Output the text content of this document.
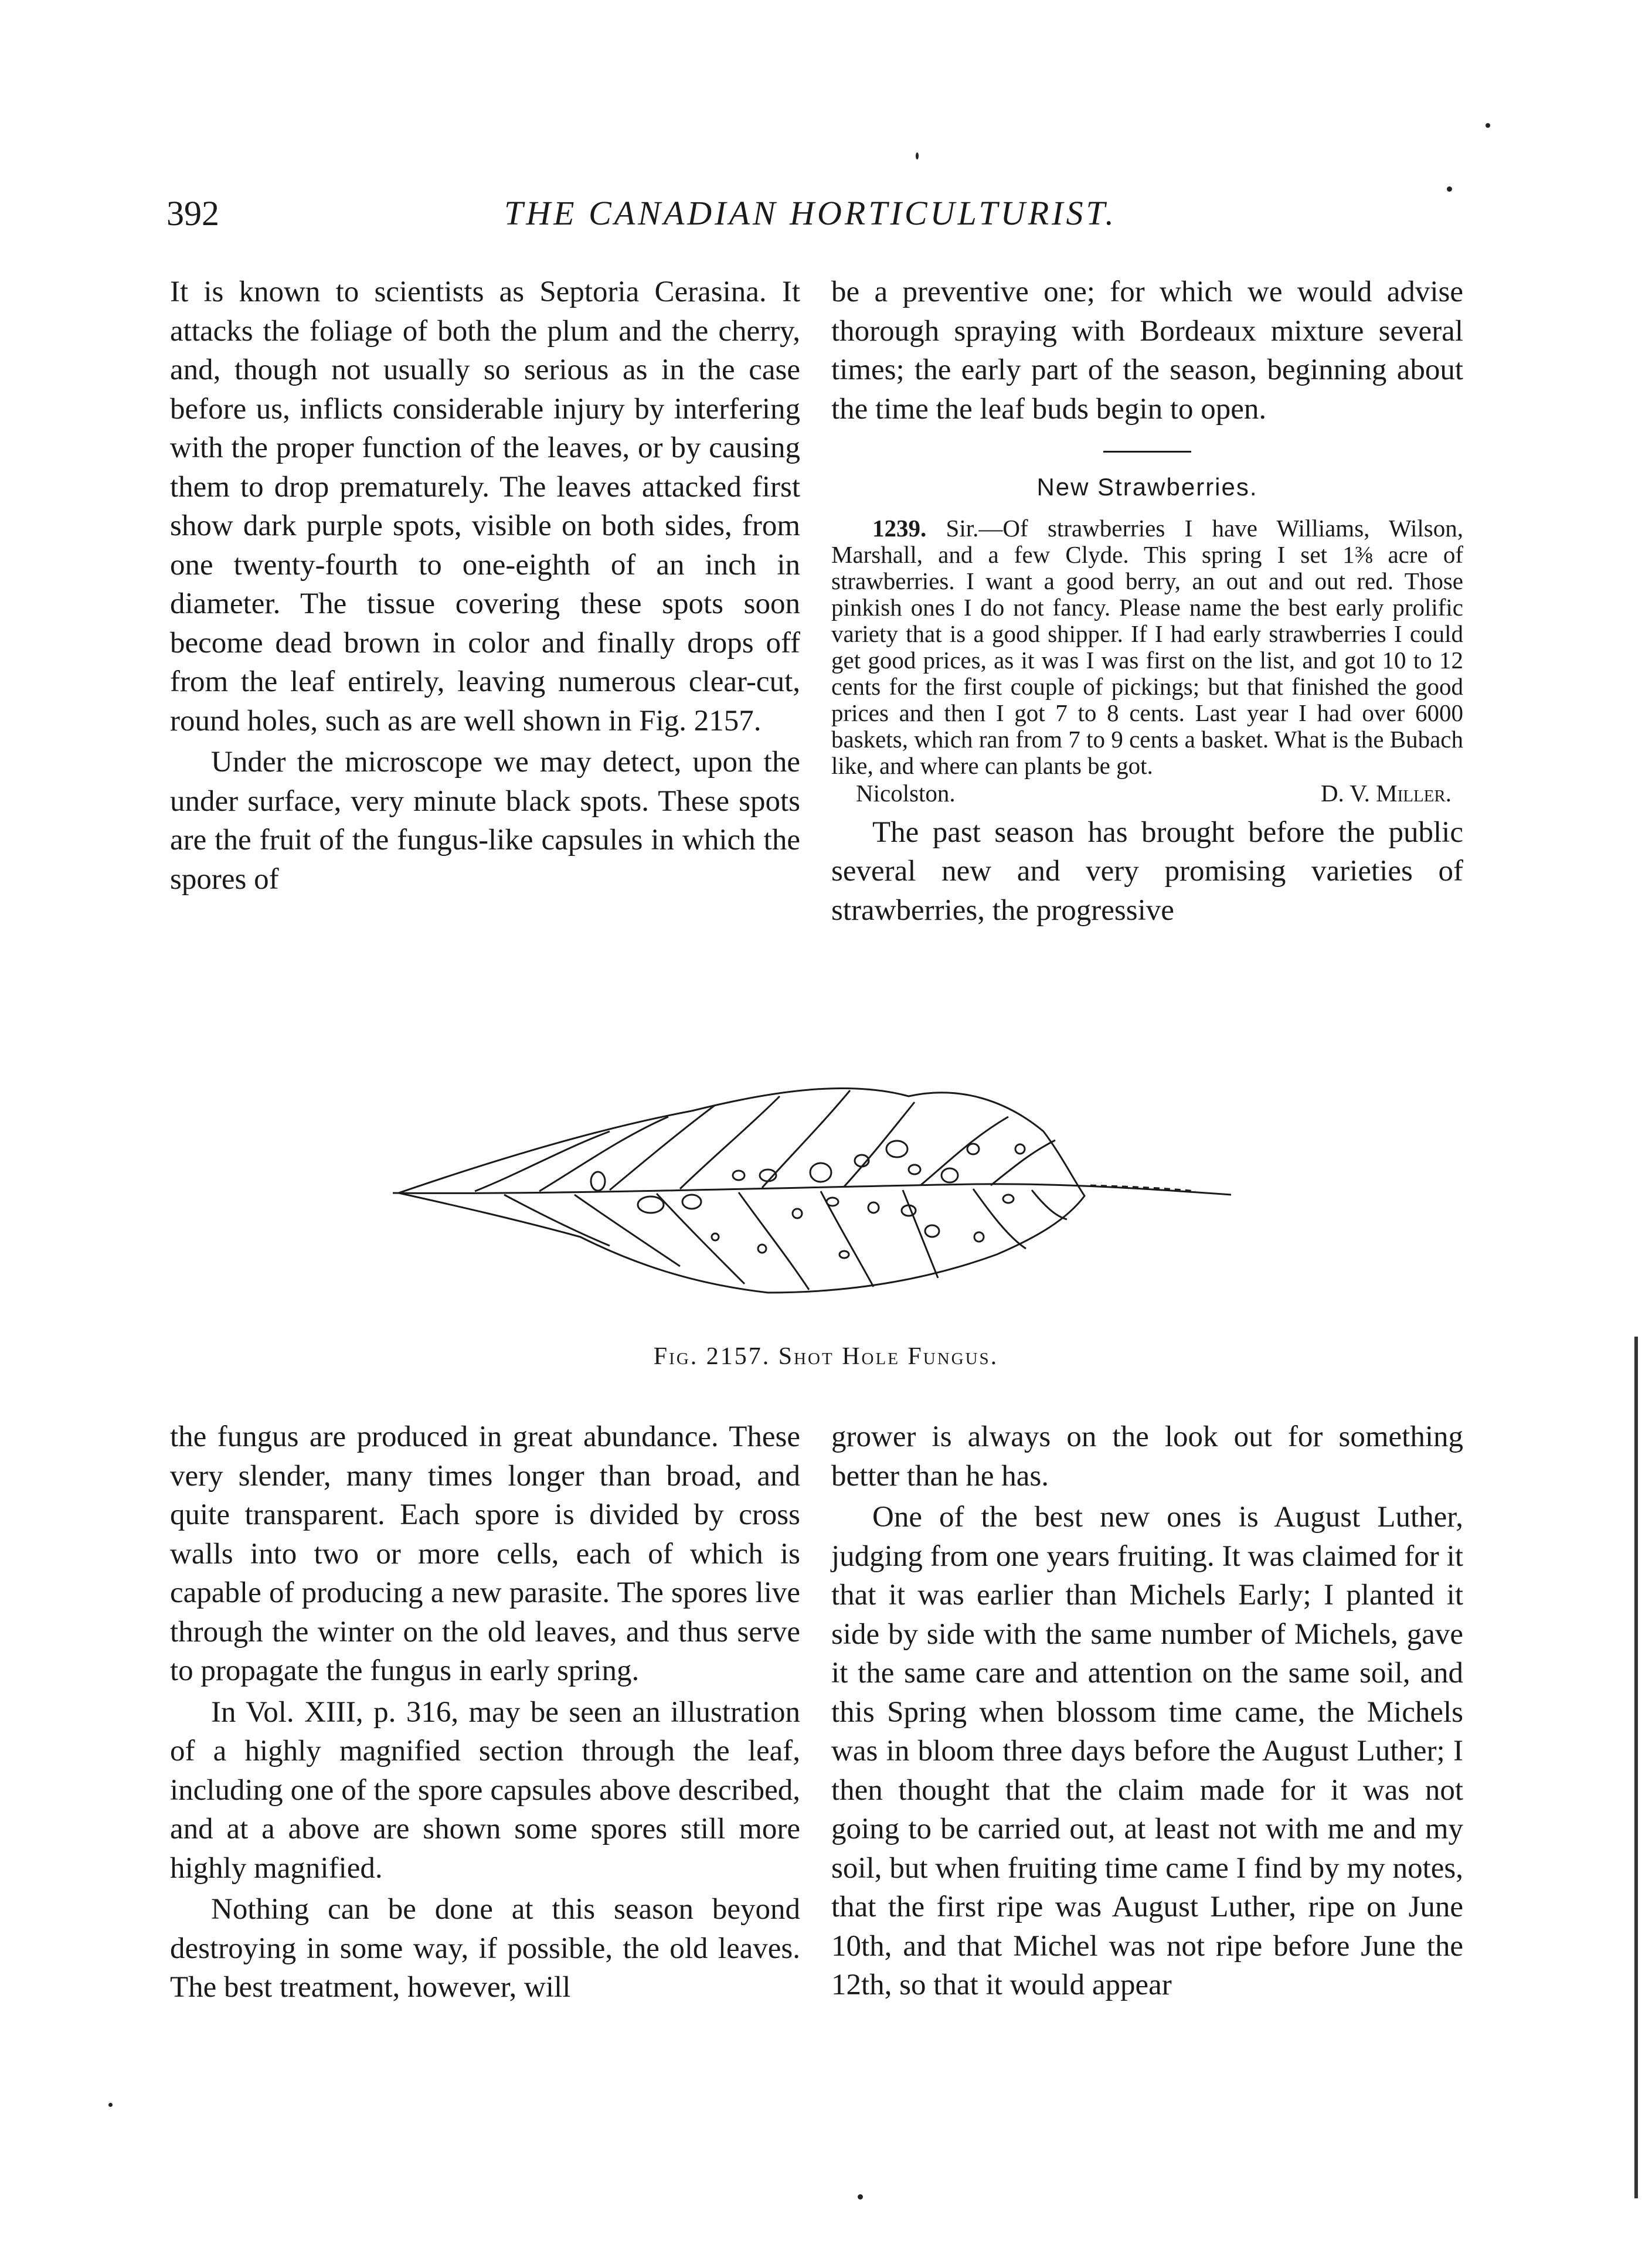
392	THE CANADIAN HORTICULTURIST.

It is known to scientists as Septoria Cerasina. It attacks the foliage of both the plum and the cherry, and, though not usually so serious as in the case before us, inflicts considerable injury by interfering with the proper function of the leaves, or by causing them to drop prematurely. The leaves attacked first show dark purple spots, visible on both sides, from one twenty-fourth to one-eighth of an inch in diameter. The tissue covering these spots soon become dead brown in color and finally drops off from the leaf entirely, leaving numerous clear-cut, round holes, such as are well shown in Fig. 2157.

Under the microscope we may detect, upon the under surface, very minute black spots. These spots are the fruit of the fungus-like capsules in which the spores of

be a preventive one; for which we would advise thorough spraying with Bordeaux mixture several times; the early part of the season, beginning about the time the leaf buds begin to open.

New Strawberries.

1239. Sir.—Of strawberries I have Williams, Wilson, Marshall, and a few Clyde. This spring I set 1⅜ acre of strawberries. I want a good berry, an out and out red. Those pinkish ones I do not fancy. Please name the best early prolific variety that is a good shipper. If I had early strawberries I could get good prices, as it was I was first on the list, and got 10 to 12 cents for the first couple of pickings; but that finished the good prices and then I got 7 to 8 cents. Last year I had over 6000 baskets, which ran from 7 to 9 cents a basket. What is the Bubach like, and where can plants be got.

Nicolston.	D. V. Miller.

The past season has brought before the public several new and very promising varieties of strawberries, the progressive

Fig. 2157. Shot Hole Fungus.

the fungus are produced in great abundance. These very slender, many times longer than broad, and quite transparent. Each spore is divided by cross walls into two or more cells, each of which is capable of producing a new parasite. The spores live through the winter on the old leaves, and thus serve to propagate the fungus in early spring.

In Vol. XIII, p. 316, may be seen an illustration of a highly magnified section through the leaf, including one of the spore capsules above described, and at a above are shown some spores still more highly magnified.

Nothing can be done at this season beyond destroying in some way, if possible, the old leaves. The best treatment, however, will

grower is always on the look out for something better than he has.

One of the best new ones is August Luther, judging from one years fruiting. It was claimed for it that it was earlier than Michels Early; I planted it side by side with the same number of Michels, gave it the same care and attention on the same soil, and this Spring when blossom time came, the Michels was in bloom three days before the August Luther; I then thought that the claim made for it was not going to be carried out, at least not with me and my soil, but when fruiting time came I find by my notes, that the first ripe was August Luther, ripe on June 10th, and that Michel was not ripe before June the 12th, so that it would appear
